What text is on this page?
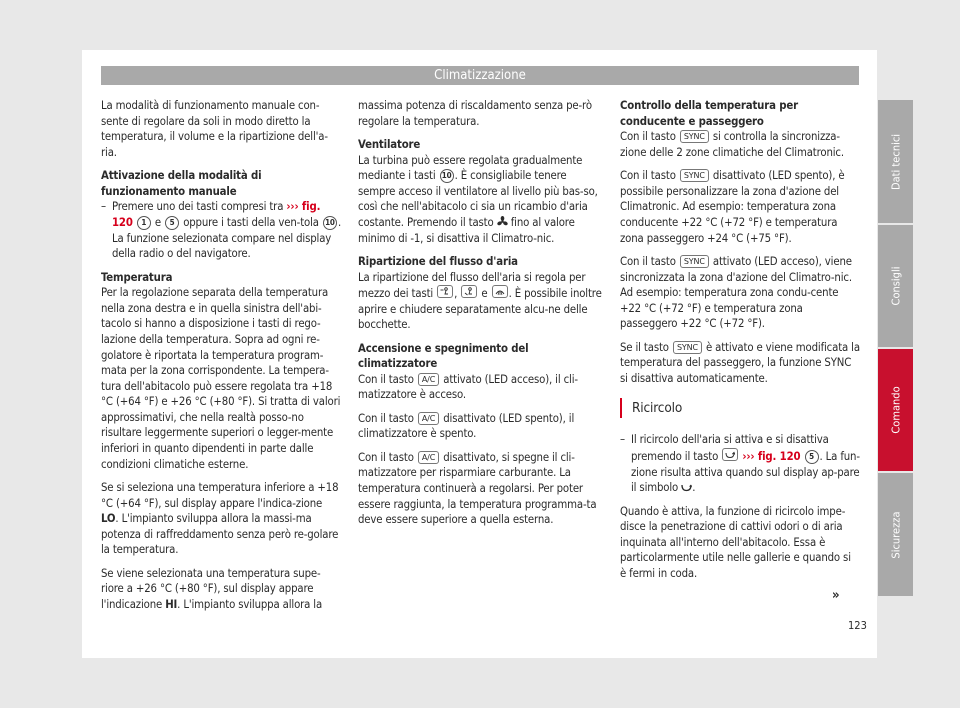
Climatizzazione

La modalità di funzionamento manuale con-sente di regolare da soli in modo diretto la temperatura, il volume e la ripartizione dell'a-ria.

Attivazione della modalità di funzionamento manuale

– Premere uno dei tasti compresi tra ››› fig. 120 1 e 5 oppure i tasti della ven-tola 10 . La funzione selezionata compare nel display della radio o del navigatore.

Temperatura

Per la regolazione separata della temperatura nella zona destra e in quella sinistra dell'abi-tacolo si hanno a disposizione i tasti di rego-lazione della temperatura. Sopra ad ogni re-golatore è riportata la temperatura program-mata per la zona corrispondente. La tempera-tura dell'abitacolo può essere regolata tra +18 °C (+64 °F) e +26 °C (+80 °F). Si tratta di valori approssimativi, che nella realtà posso-no risultare leggermente superiori o legger-mente inferiori in quanto dipendenti in parte dalle condizioni climatiche esterne.

Se si seleziona una temperatura inferiore a +18 °C (+64 °F), sul display appare l'indica-zione LO. L'impianto sviluppa allora la massi-ma potenza di raffreddamento senza però re-golare la temperatura.

Se viene selezionata una temperatura supe-riore a +26 °C (+80 °F), sul display appare l'indicazione HI. L'impianto sviluppa allora la

massima potenza di riscaldamento senza pe-rò regolare la temperatura.

Ventilatore

La turbina può essere regolata gradualmente mediante i tasti 10 . È consigliabile tenere sempre acceso il ventilatore al livello più bas-so, così che nell'abitacolo ci sia un ricambio d'aria costante. Premendo il tasto fino al valore minimo di -1, si disattiva il Climatro-nic.

Ripartizione del flusso d'aria

La ripartizione del flusso dell'aria si regola per mezzo dei tasti , e . È possibile inoltre aprire e chiudere separatamente alcu-ne delle bocchette.

Accensione e spegnimento del climatizzatore

Con il tasto A/C attivato (LED acceso), il cli-matizzatore è acceso.

Con il tasto A/C disattivato (LED spento), il climatizzatore è spento.

Con il tasto A/C disattivato, si spegne il cli-matizzatore per risparmiare carburante. La temperatura continuerà a regolarsi. Per poter essere raggiunta, la temperatura programma-ta deve essere superiore a quella esterna.

Controllo della temperatura per conducente e passeggero

Con il tasto SYNC si controlla la sincronizza-zione delle 2 zone climatiche del Climatronic.

Con il tasto SYNC disattivato (LED spento), è possibile personalizzare la zona d'azione del Climatronic. Ad esempio: temperatura zona conducente +22 °C (+72 °F) e temperatura zona passeggero +24 °C (+75 °F).

Con il tasto SYNC attivato (LED acceso), viene sincronizzata la zona d'azione del Climatro-nic. Ad esempio: temperatura zona condu-cente +22 °C (+72 °F) e temperatura zona passeggero +22 °C (+72 °F).

Se il tasto SYNC è attivato e viene modificata la temperatura del passeggero, la funzione SYNC si disattiva automaticamente.

Ricircolo
– Il ricircolo dell'aria si attiva e si disattiva premendo il tasto ››› fig. 120 5 . La fun-zione risulta attiva quando sul display ap-pare il simbolo .

Quando è attiva, la funzione di ricircolo impe-disce la penetrazione di cattivi odori o di aria inquinata all'interno dell'abitacolo. Essa è particolarmente utile nelle gallerie e quando si è fermi in coda.

»
Dati tecnici
Consigli
Comando
Sicurezza
123
